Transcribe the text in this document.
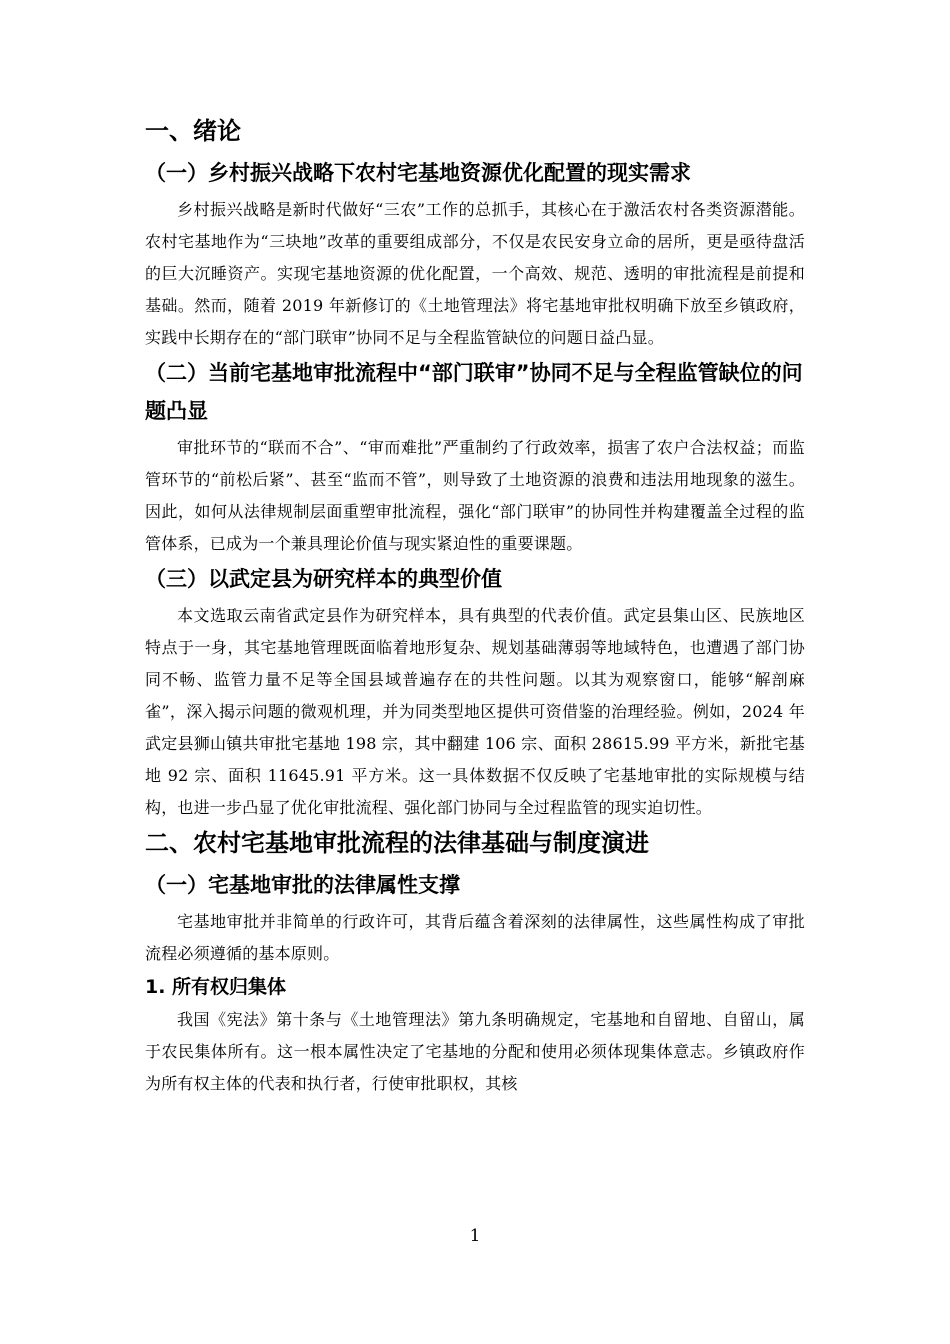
一、绪论
（一）乡村振兴战略下农村宅基地资源优化配置的现实需求

乡村振兴战略是新时代做好“三农”工作的总抓手，其核心在于激活农村各类资源潜能。农村宅基地作为“三块地”改革的重要组成部分，不仅是农民安身立命的居所，更是亟待盘活的巨大沉睡资产。实现宅基地资源的优化配置，一个高效、规范、透明的审批流程是前提和基础。然而，随着 2019 年新修订的《土地管理法》将宅基地审批权明确下放至乡镇政府，实践中长期存在的“部门联审”协同不足与全程监管缺位的问题日益凸显。

（二）当前宅基地审批流程中“部门联审”协同不足与全程监管缺位的问题凸显

审批环节的“联而不合”、“审而难批”严重制约了行政效率，损害了农户合法权益；而监管环节的“前松后紧”、甚至“监而不管”，则导致了土地资源的浪费和违法用地现象的滋生。因此，如何从法律规制层面重塑审批流程，强化“部门联审”的协同性并构建覆盖全过程的监管体系，已成为一个兼具理论价值与现实紧迫性的重要课题。

（三）以武定县为研究样本的典型价值

本文选取云南省武定县作为研究样本，具有典型的代表价值。武定县集山区、民族地区特点于一身，其宅基地管理既面临着地形复杂、规划基础薄弱等地域特色，也遭遇了部门协同不畅、监管力量不足等全国县域普遍存在的共性问题。以其为观察窗口，能够“解剖麻雀”，深入揭示问题的微观机理，并为同类型地区提供可资借鉴的治理经验。例如，2024 年武定县狮山镇共审批宅基地 198 宗，其中翻建 106 宗、面积 28615.99 平方米，新批宅基地 92 宗、面积 11645.91 平方米。这一具体数据不仅反映了宅基地审批的实际规模与结构，也进一步凸显了优化审批流程、强化部门协同与全过程监管的现实迫切性。

二、农村宅基地审批流程的法律基础与制度演进
（一）宅基地审批的法律属性支撑

宅基地审批并非简单的行政许可，其背后蕴含着深刻的法律属性，这些属性构成了审批流程必须遵循的基本原则。

1. 所有权归集体

我国《宪法》第十条与《土地管理法》第九条明确规定，宅基地和自留地、自留山，属于农民集体所有。这一根本属性决定了宅基地的分配和使用必须体现集体意志。乡镇政府作为所有权主体的代表和执行者，行使审批职权，其核

1
